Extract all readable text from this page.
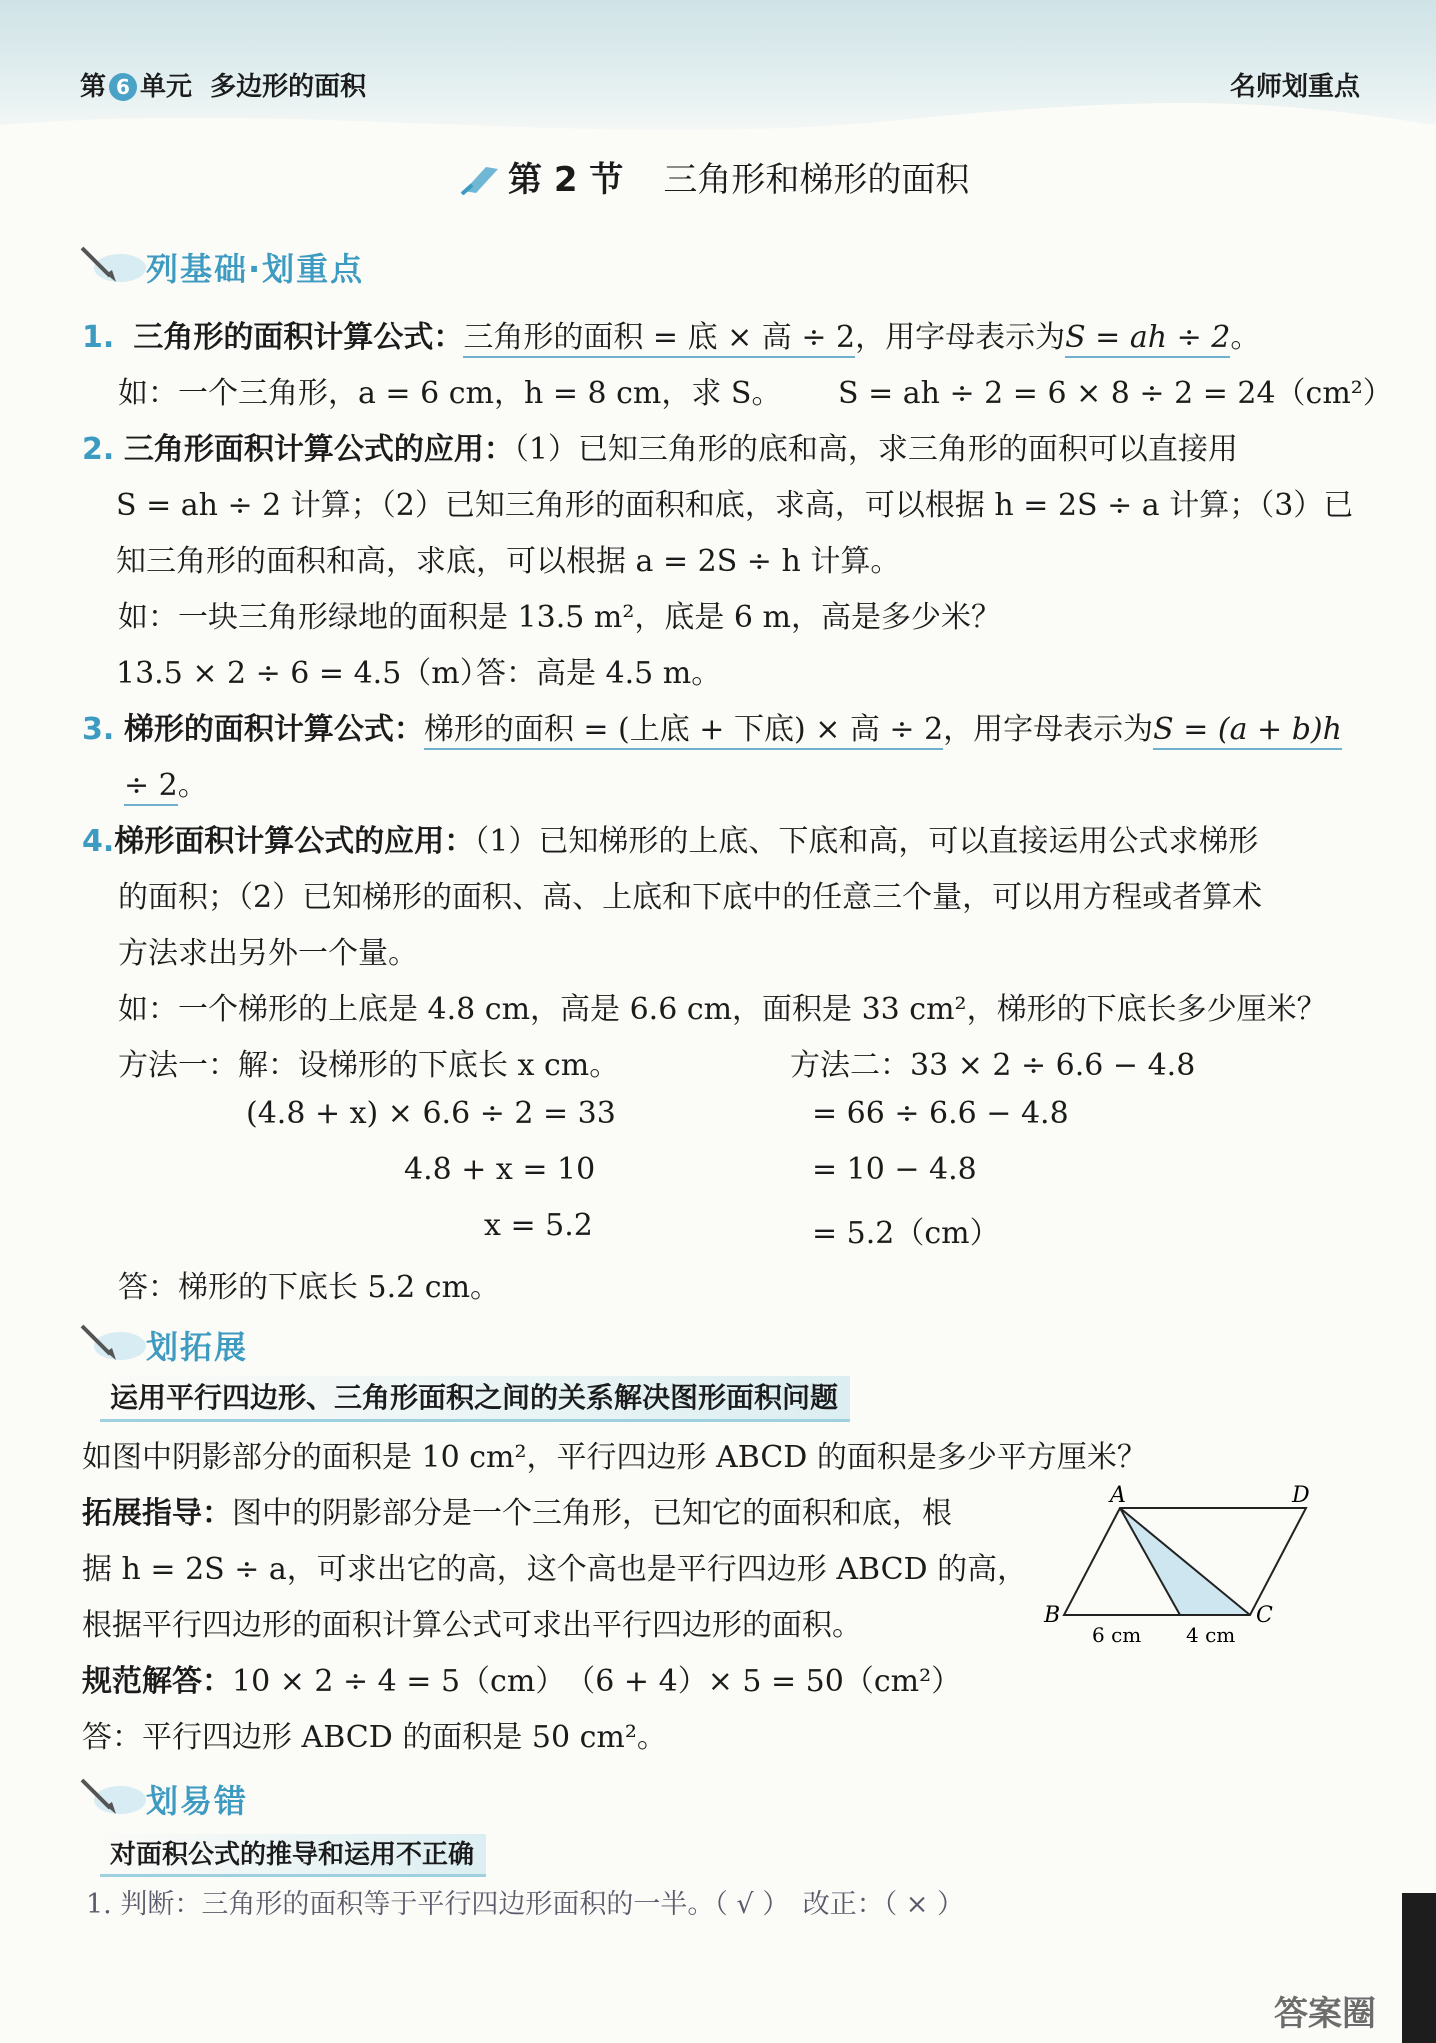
第 6 单元 多边形的面积	名师划重点
第 2 节 三角形和梯形的面积
列基础·划重点
1. 三角形的面积计算公式：三角形的面积 = 底 × 高 ÷ 2，用字母表示为S = ah ÷ 2。
如：一个三角形，a = 6 cm，h = 8 cm，求 S。 S = ah ÷ 2 = 6 × 8 ÷ 2 = 24（cm²）
2. 三角形面积计算公式的应用：（1）已知三角形的底和高，求三角形的面积可以直接用
S = ah ÷ 2 计算；（2）已知三角形的面积和底，求高，可以根据 h = 2S ÷ a 计算；（3）已
知三角形的面积和高，求底，可以根据 a = 2S ÷ h 计算。
如：一块三角形绿地的面积是 13.5 m²，底是 6 m，高是多少米？
13.5 × 2 ÷ 6 = 4.5（m）
答：高是 4.5 m。
3. 梯形的面积计算公式：梯形的面积 = (上底 + 下底) × 高 ÷ 2，用字母表示为S = (a + b)h
÷ 2。
4.梯形面积计算公式的应用：（1）已知梯形的上底、下底和高，可以直接运用公式求梯形
的面积；（2）已知梯形的面积、高、上底和下底中的任意三个量，可以用方程或者算术
方法求出另外一个量。
如：一个梯形的上底是 4.8 cm，高是 6.6 cm，面积是 33 cm²，梯形的下底长多少厘米？
方法一：解：设梯形的下底长 x cm。
(4.8 + x) × 6.6 ÷ 2 = 33
4.8 + x = 10
x = 5.2
方法二：33 × 2 ÷ 6.6 − 4.8
= 66 ÷ 6.6 − 4.8
= 10 − 4.8
= 5.2（cm）
答：梯形的下底长 5.2 cm。
划拓展
运用平行四边形、三角形面积之间的关系解决图形面积问题
如图中阴影部分的面积是 10 cm²，平行四边形 ABCD 的面积是多少平方厘米？
拓展指导：图中的阴影部分是一个三角形，已知它的面积和底，根
据 h = 2S ÷ a，可求出它的高，这个高也是平行四边形 ABCD 的高，
根据平行四边形的面积计算公式可求出平行四边形的面积。
规范解答：10 × 2 ÷ 4 = 5（cm）　（6 + 4）× 5 = 50（cm²）
答：平行四边形 ABCD 的面积是 50 cm²。
A	D
B	C
6 cm 4 cm
划易错
对面积公式的推导和运用不正确
1. 判断：三角形的面积等于平行四边形面积的一半。（ √ ）　改正：（ × ）
答案圈
